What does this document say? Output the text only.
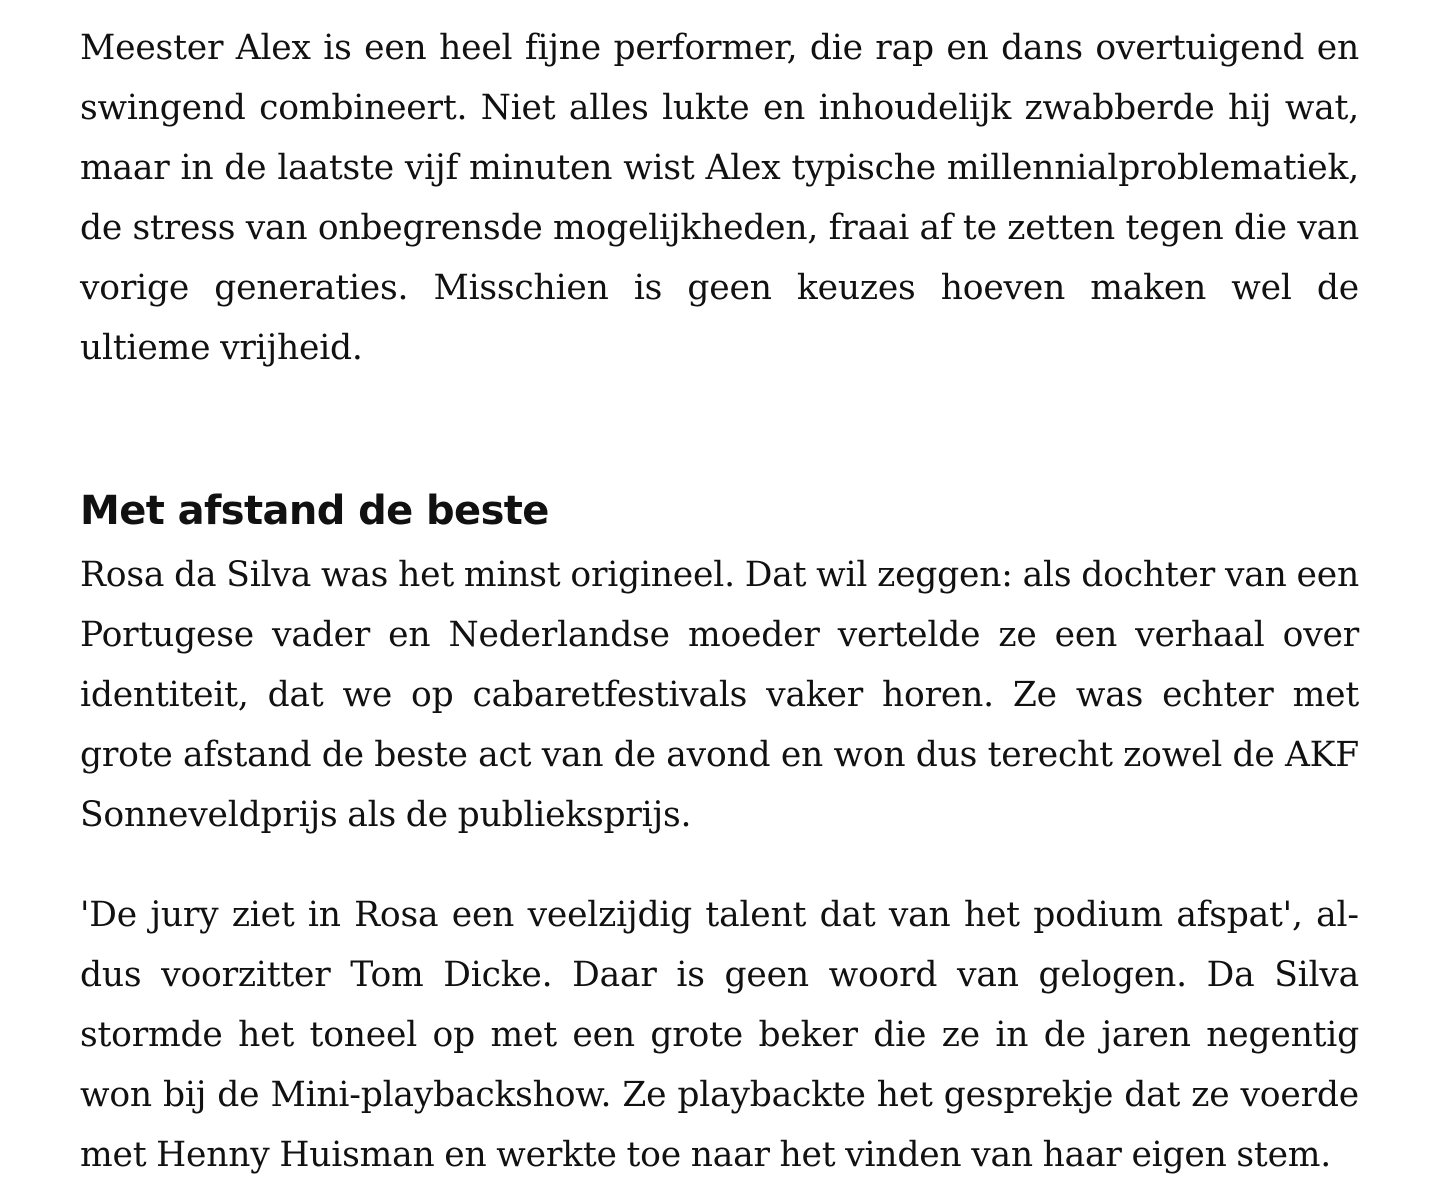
Meester Alex is een heel fijne performer, die rap en dans overtuigend en swingend combineert. Niet alles lukte en inhoudelijk zwabberde hij wat, maar in de laatste vijf minuten wist Alex typische millennialproblematiek, de stress van onbegrensde mogelijkheden, fraai af te zetten tegen die van vorige generaties. Misschien is geen keuzes hoeven maken wel de ultieme vrijheid.

Met afstand de beste

Rosa da Silva was het minst origineel. Dat wil zeggen: als dochter van een Portugese vader en Nederlandse moeder vertelde ze een verhaal over identiteit, dat we op cabaretfestivals vaker horen. Ze was echter met grote afstand de beste act van de avond en won dus terecht zowel de AKF Sonneveldprijs als de publieksprijs.

'De jury ziet in Rosa een veelzijdig talent dat van het podium afspat', aldus voorzitter Tom Dicke. Daar is geen woord van gelogen. Da Silva stormde het toneel op met een grote beker die ze in de jaren negentig won bij de Mini-playbackshow. Ze playbackte het gesprekje dat ze voerde met Henny Huisman en werkte toe naar het vinden van haar eigen stem.
